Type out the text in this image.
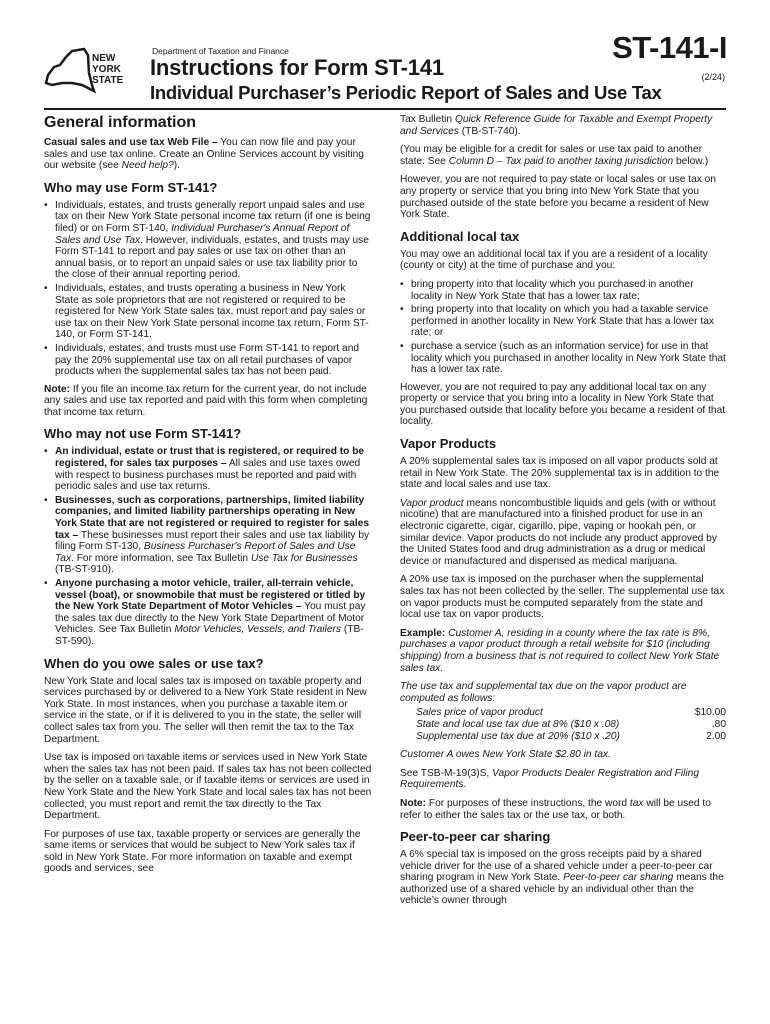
NEW
YORK
STATE
Department of Taxation and Finance
Instructions for Form ST-141
Individual Purchaser’s Periodic Report of Sales and Use Tax
ST-141-I
(2/24)
General information

Casual sales and use tax Web File – You can now file and pay your sales and use tax online. Create an Online Services account by visiting our website (see Need help?).

Who may use Form ST-141?
• Individuals, estates, and trusts generally report unpaid sales and use tax on their New York State personal income tax return (if one is being filed) or on Form ST-140, Individual Purchaser's Annual Report of Sales and Use Tax. However, individuals, estates, and trusts may use Form ST-141 to report and pay sales or use tax on other than an annual basis, or to report an unpaid sales or use tax liability prior to the close of their annual reporting period.
• Individuals, estates, and trusts operating a business in New York State as sole proprietors that are not registered or required to be registered for New York State sales tax, must report and pay sales or use tax on their New York State personal income tax return, Form ST-140, or Form ST-141.
• Individuals, estates, and trusts must use Form ST-141 to report and pay the 20% supplemental use tax on all retail purchases of vapor products when the supplemental sales tax has not been paid.

Note: If you file an income tax return for the current year, do not include any sales and use tax reported and paid with this form when completing that income tax return.

Who may not use Form ST-141?
• An individual, estate or trust that is registered, or required to be registered, for sales tax purposes – All sales and use taxes owed with respect to business purchases must be reported and paid with periodic sales and use tax returns.
• Businesses, such as corporations, partnerships, limited liability companies, and limited liability partnerships operating in New York State that are not registered or required to register for sales tax – These businesses must report their sales and use tax liability by filing Form ST-130, Business Purchaser's Report of Sales and Use Tax. For more information, see Tax Bulletin Use Tax for Businesses (TB-ST-910).
• Anyone purchasing a motor vehicle, trailer, all-terrain vehicle, vessel (boat), or snowmobile that must be registered or titled by the New York State Department of Motor Vehicles – You must pay the sales tax due directly to the New York State Department of Motor Vehicles. See Tax Bulletin Motor Vehicles, Vessels, and Trailers (TB-ST-590).
When do you owe sales or use tax?

New York State and local sales tax is imposed on taxable property and services purchased by or delivered to a New York State resident in New York State. In most instances, when you purchase a taxable item or service in the state, or if it is delivered to you in the state, the seller will collect sales tax from you. The seller will then remit the tax to the Tax Department.

Use tax is imposed on taxable items or services used in New York State when the sales tax has not been paid. If sales tax has not been collected by the seller on a taxable sale, or if taxable items or services are used in New York State and the New York State and local sales tax has not been collected, you must report and remit the tax directly to the Tax Department.

For purposes of use tax, taxable property or services are generally the same items or services that would be subject to New York sales tax if sold in New York State. For more information on taxable and exempt goods and services, see

Tax Bulletin Quick Reference Guide for Taxable and Exempt Property and Services (TB-ST-740).

(You may be eligible for a credit for sales or use tax paid to another state. See Column D – Tax paid to another taxing jurisdiction below.)

However, you are not required to pay state or local sales or use tax on any property or service that you bring into New York State that you purchased outside of the state before you became a resident of New York State.

Additional local tax

You may owe an additional local tax if you are a resident of a locality (county or city) at the time of purchase and you:

• bring property into that locality which you purchased in another locality in New York State that has a lower tax rate;
• bring property into that locality on which you had a taxable service performed in another locality in New York State that has a lower tax rate; or
• purchase a service (such as an information service) for use in that locality which you purchased in another locality in New York State that has a lower tax rate.

However, you are not required to pay any additional local tax on any property or service that you bring into a locality in New York State that you purchased outside that locality before you became a resident of that locality.

Vapor Products

A 20% supplemental sales tax is imposed on all vapor products sold at retail in New York State. The 20% supplemental tax is in addition to the state and local sales and use tax.

Vapor product means noncombustible liquids and gels (with or without nicotine) that are manufactured into a finished product for use in an electronic cigarette, cigar, cigarillo, pipe, vaping or hookah pen, or similar device. Vapor products do not include any product approved by the United States food and drug administration as a drug or medical device or manufactured and dispensed as medical marijuana.

A 20% use tax is imposed on the purchaser when the supplemental sales tax has not been collected by the seller. The supplemental use tax on vapor products must be computed separately from the state and local use tax on vapor products.

Example: Customer A, residing in a county where the tax rate is 8%, purchases a vapor product through a retail website for $10 (including shipping) from a business that is not required to collect New York State sales tax.

The use tax and supplemental tax due on the vapor product are computed as follows:

Sales price of vapor product	$10.00
State and local use tax due at 8% ($10 x .08)	.80
Supplemental use tax due at 20% ($10 x .20)	2.00

Customer A owes New York State $2.80 in tax.

See TSB-M-19(3)S, Vapor Products Dealer Registration and Filing Requirements.

Note: For purposes of these instructions, the word tax will be used to refer to either the sales tax or the use tax, or both.

Peer-to-peer car sharing

A 6% special tax is imposed on the gross receipts paid by a shared vehicle driver for the use of a shared vehicle under a peer-to-peer car sharing program in New York State. Peer-to-peer car sharing means the authorized use of a shared vehicle by an individual other than the vehicle’s owner through
